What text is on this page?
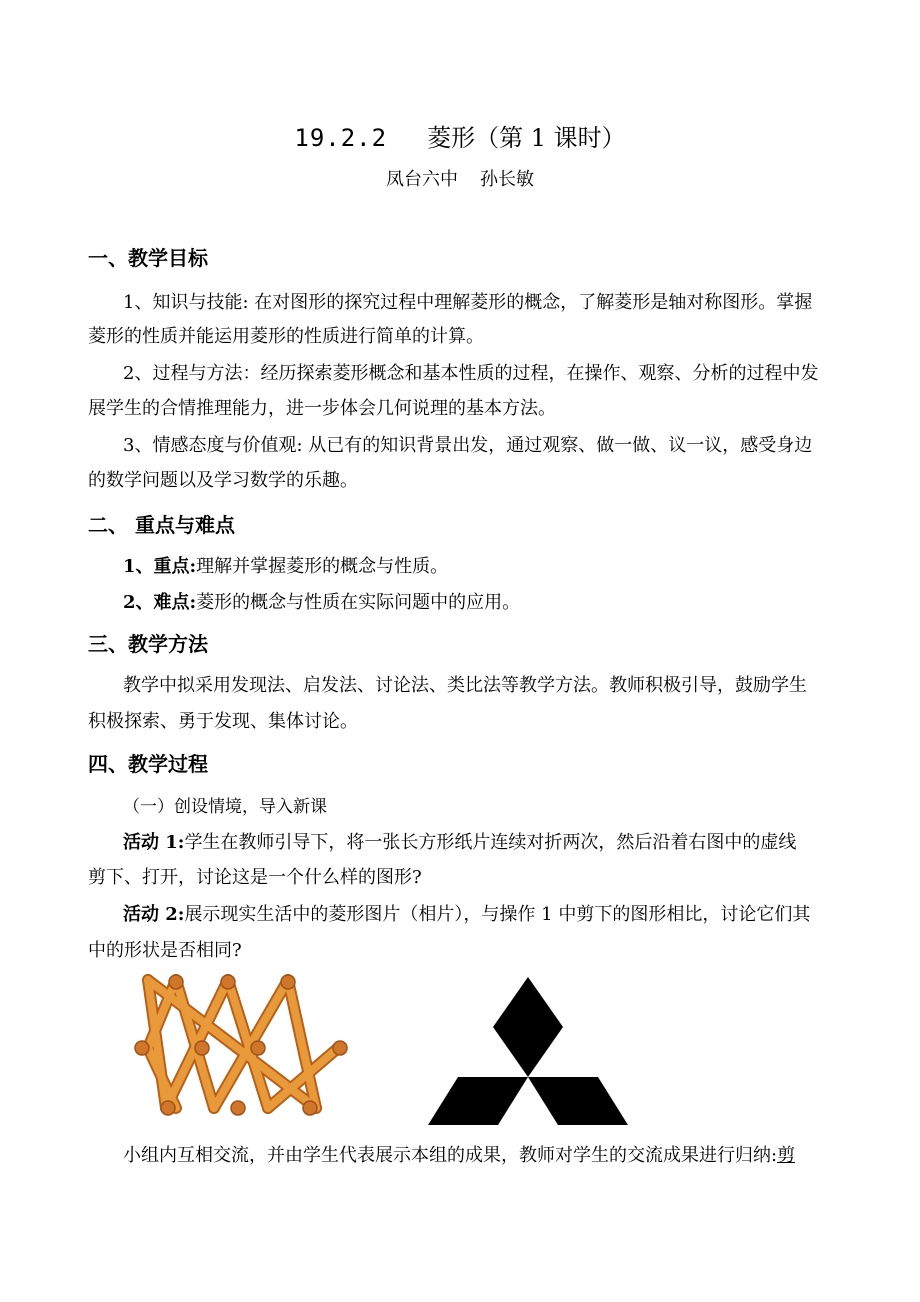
19.2.2 菱形（第 1 课时）
凤台六中 孙长敏
一、教学目标
1、知识与技能: 在对图形的探究过程中理解菱形的概念，了解菱形是轴对称图形。掌握
菱形的性质并能运用菱形的性质进行简单的计算。
2、过程与方法：经历探索菱形概念和基本性质的过程，在操作、观察、分析的过程中发
展学生的合情推理能力，进一步体会几何说理的基本方法。
3、情感态度与价值观: 从已有的知识背景出发，通过观察、做一做、议一议，感受身边
的数学问题以及学习数学的乐趣。
二、 重点与难点
1、重点:理解并掌握菱形的概念与性质。
2、难点:菱形的概念与性质在实际问题中的应用。
三、教学方法
教学中拟采用发现法、启发法、讨论法、类比法等教学方法。教师积极引导，鼓励学生
积极探索、勇于发现、集体讨论。
四、教学过程
（一）创设情境，导入新课
活动 1:学生在教师引导下，将一张长方形纸片连续对折两次，然后沿着右图中的虚线
剪下、打开，讨论这是一个什么样的图形?
活动 2:展示现实生活中的菱形图片（相片），与操作 1 中剪下的图形相比，讨论它们其
中的形状是否相同?
小组内互相交流，并由学生代表展示本组的成果，教师对学生的交流成果进行归纳:剪
